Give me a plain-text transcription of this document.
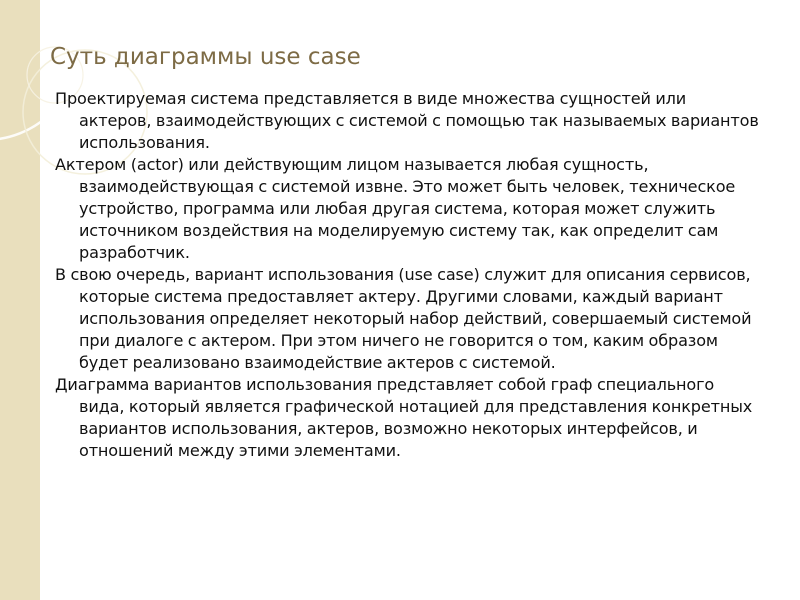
Суть диаграммы use case

Проектируемая система представляется в виде множества сущностей или актеров, взаимодействующих с системой с помощью так называемых вариантов использования.

Актером (actor) или действующим лицом называется любая сущность, взаимодействующая с системой извне. Это может быть человек, техническое устройство, программа или любая другая система, которая может служить источником воздействия на моделируемую систему так, как определит сам разработчик.

В свою очередь, вариант использования (use case) служит для описания сервисов, которые система предоставляет актеру. Другими словами, каждый вариант использования определяет некоторый набор действий, совершаемый системой при диалоге с актером. При этом ничего не говорится о том, каким образом будет реализовано взаимодействие актеров с системой.

Диаграмма вариантов использования представляет собой граф специального вида, который является графической нотацией для представления конкретных вариантов использования, актеров, возможно некоторых интерфейсов, и отношений между этими элементами.
